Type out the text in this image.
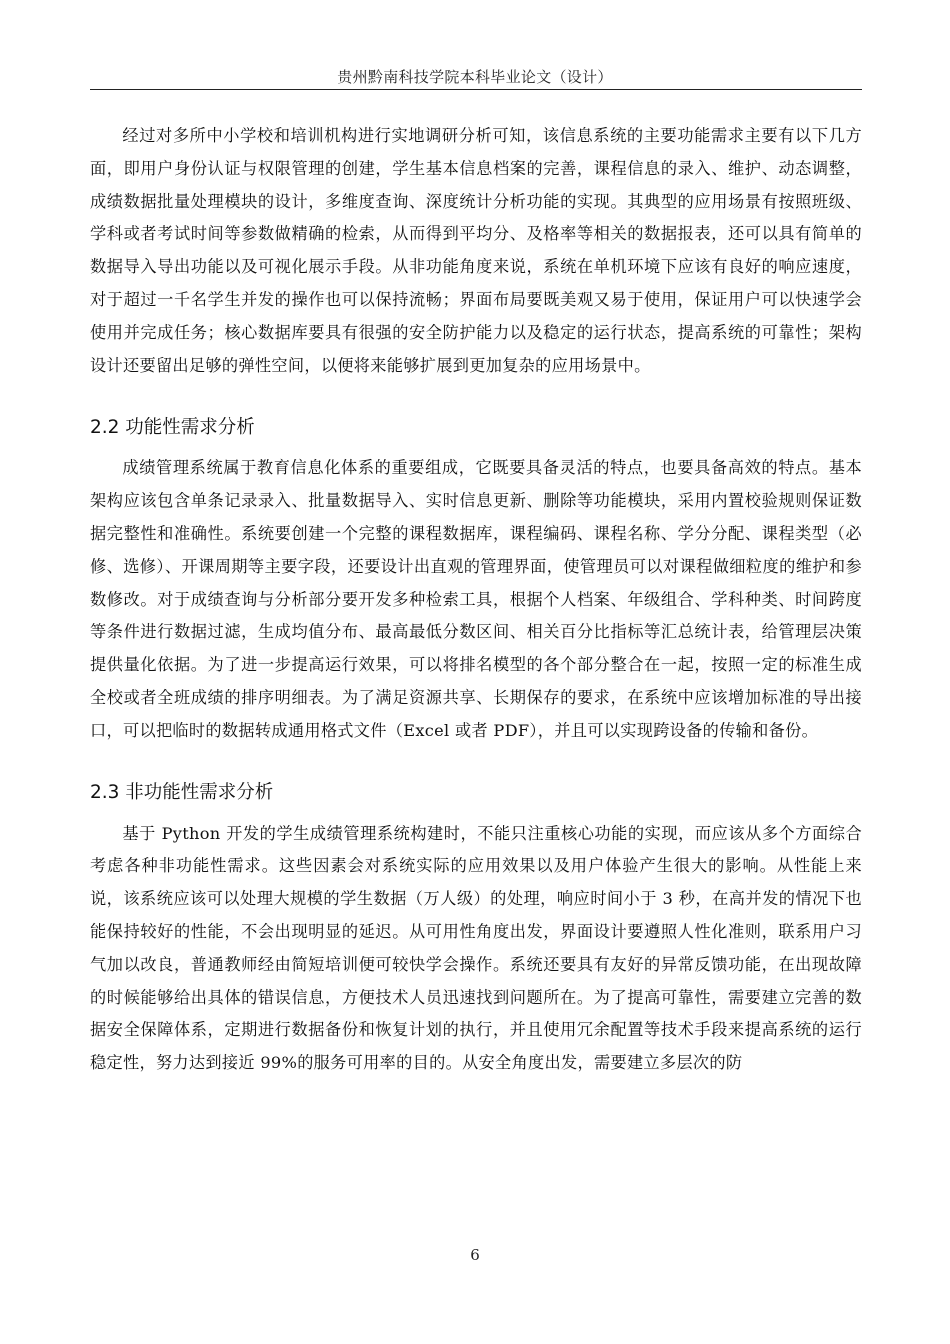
贵州黔南科技学院本科毕业论文（设计）

经过对多所中小学校和培训机构进行实地调研分析可知，该信息系统的主要功能需求主要有以下几方面，即用户身份认证与权限管理的创建，学生基本信息档案的完善，课程信息的录入、维护、动态调整，成绩数据批量处理模块的设计，多维度查询、深度统计分析功能的实现。其典型的应用场景有按照班级、学科或者考试时间等参数做精确的检索，从而得到平均分、及格率等相关的数据报表，还可以具有简单的数据导入导出功能以及可视化展示手段。从非功能角度来说，系统在单机环境下应该有良好的响应速度，对于超过一千名学生并发的操作也可以保持流畅；界面布局要既美观又易于使用，保证用户可以快速学会使用并完成任务；核心数据库要具有很强的安全防护能力以及稳定的运行状态，提高系统的可靠性；架构设计还要留出足够的弹性空间，以便将来能够扩展到更加复杂的应用场景中。

2.2 功能性需求分析

成绩管理系统属于教育信息化体系的重要组成，它既要具备灵活的特点，也要具备高效的特点。基本架构应该包含单条记录录入、批量数据导入、实时信息更新、删除等功能模块，采用内置校验规则保证数据完整性和准确性。系统要创建一个完整的课程数据库，课程编码、课程名称、学分分配、课程类型（必修、选修）、开课周期等主要字段，还要设计出直观的管理界面，使管理员可以对课程做细粒度的维护和参数修改。对于成绩查询与分析部分要开发多种检索工具，根据个人档案、年级组合、学科种类、时间跨度等条件进行数据过滤，生成均值分布、最高最低分数区间、相关百分比指标等汇总统计表，给管理层决策提供量化依据。为了进一步提高运行效果，可以将排名模型的各个部分整合在一起，按照一定的标准生成全校或者全班成绩的排序明细表。为了满足资源共享、长期保存的要求，在系统中应该增加标准的导出接口，可以把临时的数据转成通用格式文件（Excel 或者 PDF），并且可以实现跨设备的传输和备份。

2.3 非功能性需求分析

基于 Python 开发的学生成绩管理系统构建时，不能只注重核心功能的实现，而应该从多个方面综合考虑各种非功能性需求。这些因素会对系统实际的应用效果以及用户体验产生很大的影响。从性能上来说，该系统应该可以处理大规模的学生数据（万人级）的处理，响应时间小于 3 秒，在高并发的情况下也能保持较好的性能，不会出现明显的延迟。从可用性角度出发，界面设计要遵照人性化准则，联系用户习气加以改良，普通教师经由简短培训便可较快学会操作。系统还要具有友好的异常反馈功能，在出现故障的时候能够给出具体的错误信息，方便技术人员迅速找到问题所在。为了提高可靠性，需要建立完善的数据安全保障体系，定期进行数据备份和恢复计划的执行，并且使用冗余配置等技术手段来提高系统的运行稳定性，努力达到接近 99%的服务可用率的目的。从安全角度出发，需要建立多层次的防

6
